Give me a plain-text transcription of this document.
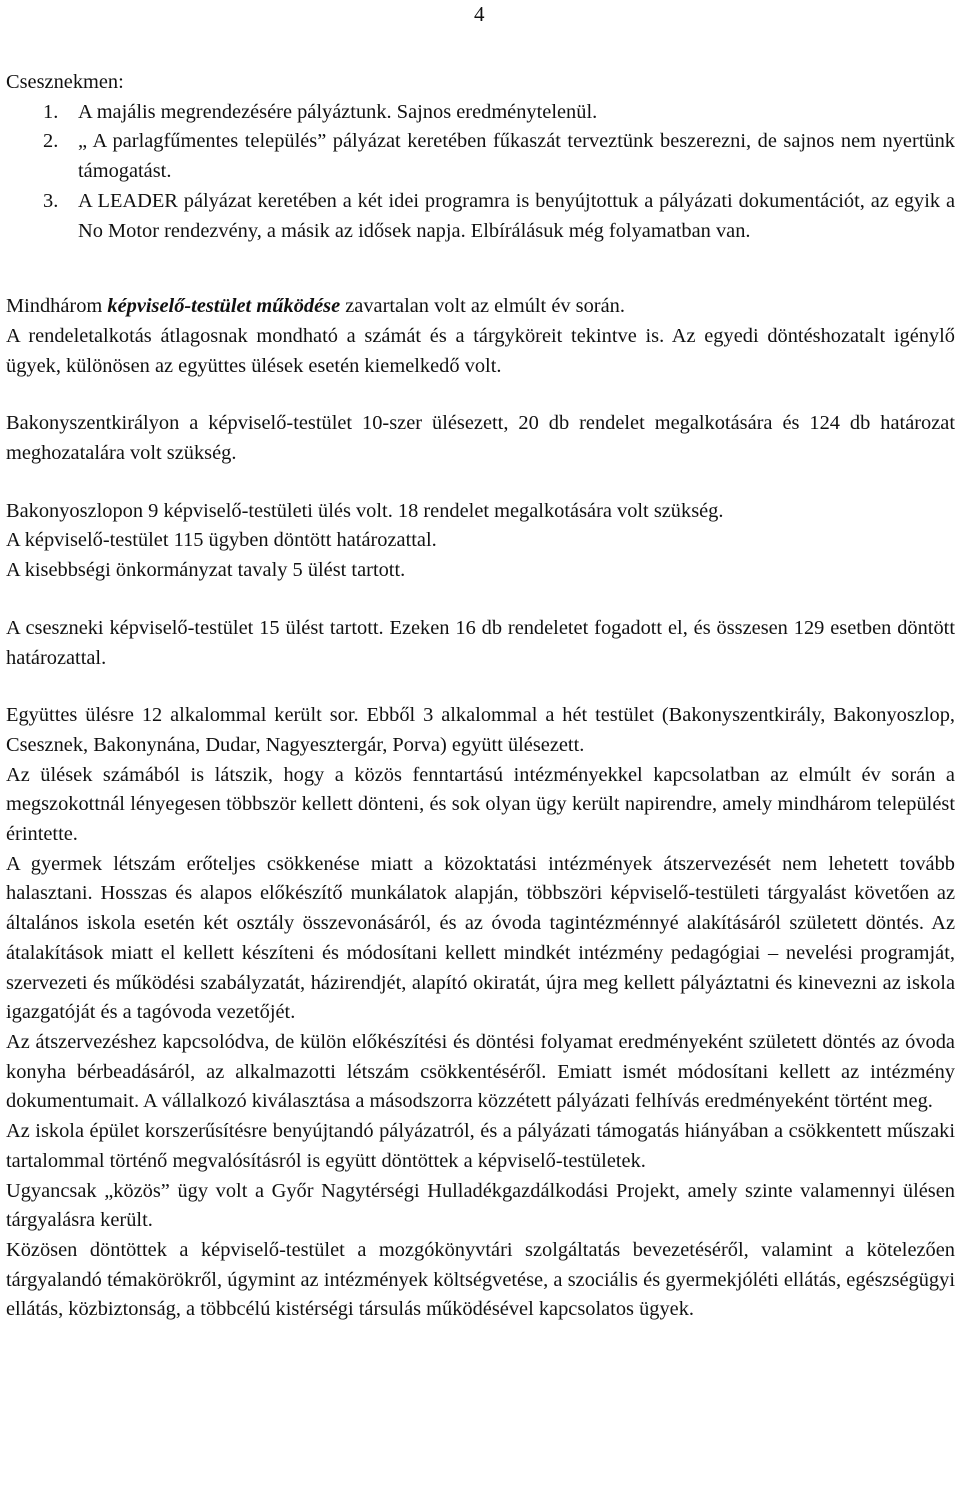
4

Csesznekmen:

1. A majális megrendezésére pályáztunk. Sajnos eredménytelenül.
2. „ A parlagfűmentes település” pályázat keretében fűkaszát terveztünk beszerezni, de sajnos nem nyertünk támogatást.
3. A LEADER pályázat keretében a két idei programra is benyújtottuk a pályázati dokumentációt, az egyik a No Motor rendezvény, a másik az idősek napja. Elbírálásuk még folyamatban van.

Mindhárom képviselő-testület működése zavartalan volt az elmúlt év során.

A rendeletalkotás átlagosnak mondható a számát és a tárgyköreit tekintve is. Az egyedi döntéshozatalt igénylő ügyek, különösen az együttes ülések esetén kiemelkedő volt.

Bakonyszentkirályon a képviselő-testület 10-szer ülésezett, 20 db rendelet megalkotására és 124 db határozat meghozatalára volt szükség.

Bakonyoszlopon 9 képviselő-testületi ülés volt. 18 rendelet megalkotására volt szükség.

A képviselő-testület 115 ügyben döntött határozattal.

A kisebbségi önkormányzat tavaly 5 ülést tartott.

A cseszneki képviselő-testület 15 ülést tartott. Ezeken 16 db rendeletet fogadott el, és összesen 129 esetben döntött határozattal.

Együttes ülésre 12 alkalommal került sor. Ebből 3 alkalommal a hét testület (Bakonyszentkirály, Bakonyoszlop, Csesznek, Bakonynána, Dudar, Nagyesztergár, Porva) együtt ülésezett.

Az ülések számából is látszik, hogy a közös fenntartású intézményekkel kapcsolatban az elmúlt év során a megszokottnál lényegesen többször kellett dönteni, és sok olyan ügy került napirendre, amely mindhárom települést érintette.

A gyermek létszám erőteljes csökkenése miatt a közoktatási intézmények átszervezését nem lehetett tovább halasztani. Hosszas és alapos előkészítő munkálatok alapján, többszöri képviselő-testületi tárgyalást követően az általános iskola esetén két osztály összevonásáról, és az óvoda tagintézménnyé alakításáról született döntés. Az átalakítások miatt el kellett készíteni és módosítani kellett mindkét intézmény pedagógiai – nevelési programját, szervezeti és működési szabályzatát, házirendjét, alapító okiratát, újra meg kellett pályáztatni és kinevezni az iskola igazgatóját és a tagóvoda vezetőjét.

Az átszervezéshez kapcsolódva, de külön előkészítési és döntési folyamat eredményeként született döntés az óvoda konyha bérbeadásáról, az alkalmazotti létszám csökkentéséről. Emiatt ismét módosítani kellett az intézmény dokumentumait. A vállalkozó kiválasztása a másodszorra közzétett pályázati felhívás eredményeként történt meg.

Az iskola épület korszerűsítésre benyújtandó pályázatról, és a pályázati támogatás hiányában a csökkentett műszaki tartalommal történő megvalósításról is együtt döntöttek a képviselő-testületek.

Ugyancsak „közös” ügy volt a Győr Nagytérségi Hulladékgazdálkodási Projekt, amely szinte valamennyi ülésen tárgyalásra került.

Közösen döntöttek a képviselő-testület a mozgókönyvtári szolgáltatás bevezetéséről, valamint a kötelezően tárgyalandó témakörökről, úgymint az intézmények költségvetése, a szociális és gyermekjóléti ellátás, egészségügyi ellátás, közbiztonság, a többcélú kistérségi társulás működésével kapcsolatos ügyek.
